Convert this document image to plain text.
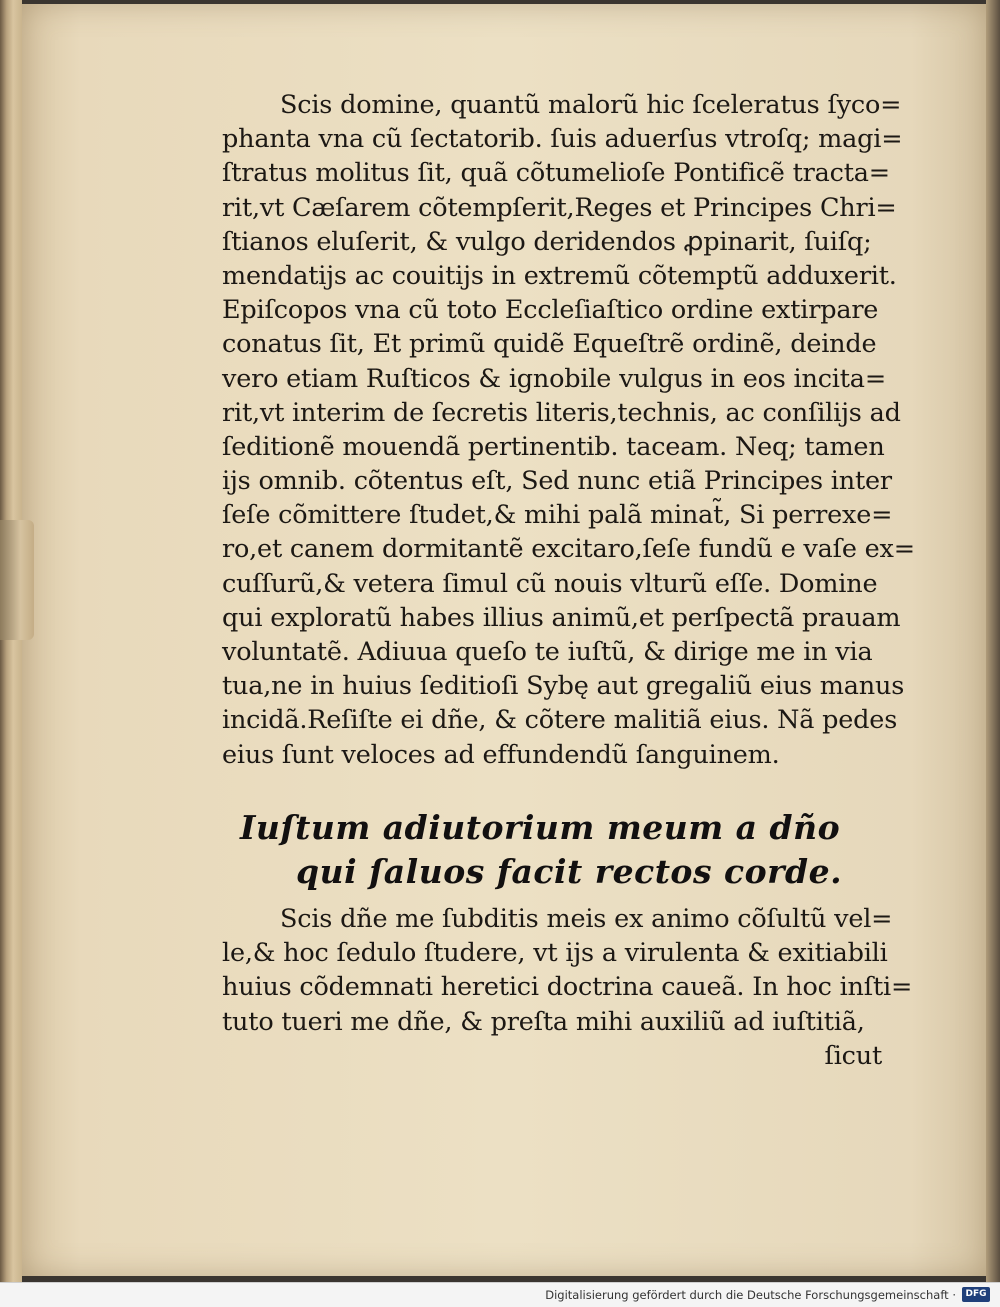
Scis domine, quantũ malorũ hic ſceleratus ſyco=
phanta vna cũ ſectatorib. ſuis aduerſus vtroſq; magi=
ſtratus molitus ſit, quã cõtumelioſe Pontificẽ tracta=
rit,vt Cæſarem cõtempſerit,Reges et Principes Chri=
ſtianos eluſerit, & vulgo deridendos ꝓpinarit, ſuiſq;
mendatijs ac couitijs in extremũ cõtemptũ adduxerit.
Epiſcopos vna cũ toto Eccleſiaſtico ordine extirpare
conatus ſit, Et primũ quidẽ Equeſtrẽ ordinẽ, deinde
vero etiam Ruſticos & ignobile vulgus in eos incita=
rit,vt interim de ſecretis literis,technis, ac conſilijs ad
ſeditionẽ mouendã pertinentib. taceam. Neq; tamen
ijs omnib. cõtentus eſt, Sed nunc etiã Principes inter
ſeſe cõmittere ſtudet,& mihi palã minat̃, Si perrexe=
ro,et canem dormitantẽ excitaro,ſeſe fundũ e vaſe ex=
cuſſurũ,& vetera ſimul cũ nouis vlturũ eſſe. Domine
qui exploratũ habes illius animũ,et perſpectã prauam
voluntatẽ. Adiuua queſo te iuſtũ, & dirige me in via
tua,ne in huius ſeditioſi Sybę aut gregaliũ eius manus
incidã.Reſiſte ei dñe, & cõtere malitiã eius. Nã pedes
eius ſunt veloces ad effundendũ ſanguinem.
Iuſtum adiutorium meum a dño
qui ſaluos facit rectos corde.
Scis dñe me ſubditis meis ex animo cõſultũ vel=
le,& hoc ſedulo ſtudere, vt ijs a virulenta & exitiabili
huius cõdemnati heretici doctrina caueã. In hoc inſti=
tuto tueri me dñe, & preſta mihi auxiliũ ad iuſtitiã,
ſicut
Digitalisierung gefördert durch die Deutsche Forschungsgemeinschaft ·	DFG
